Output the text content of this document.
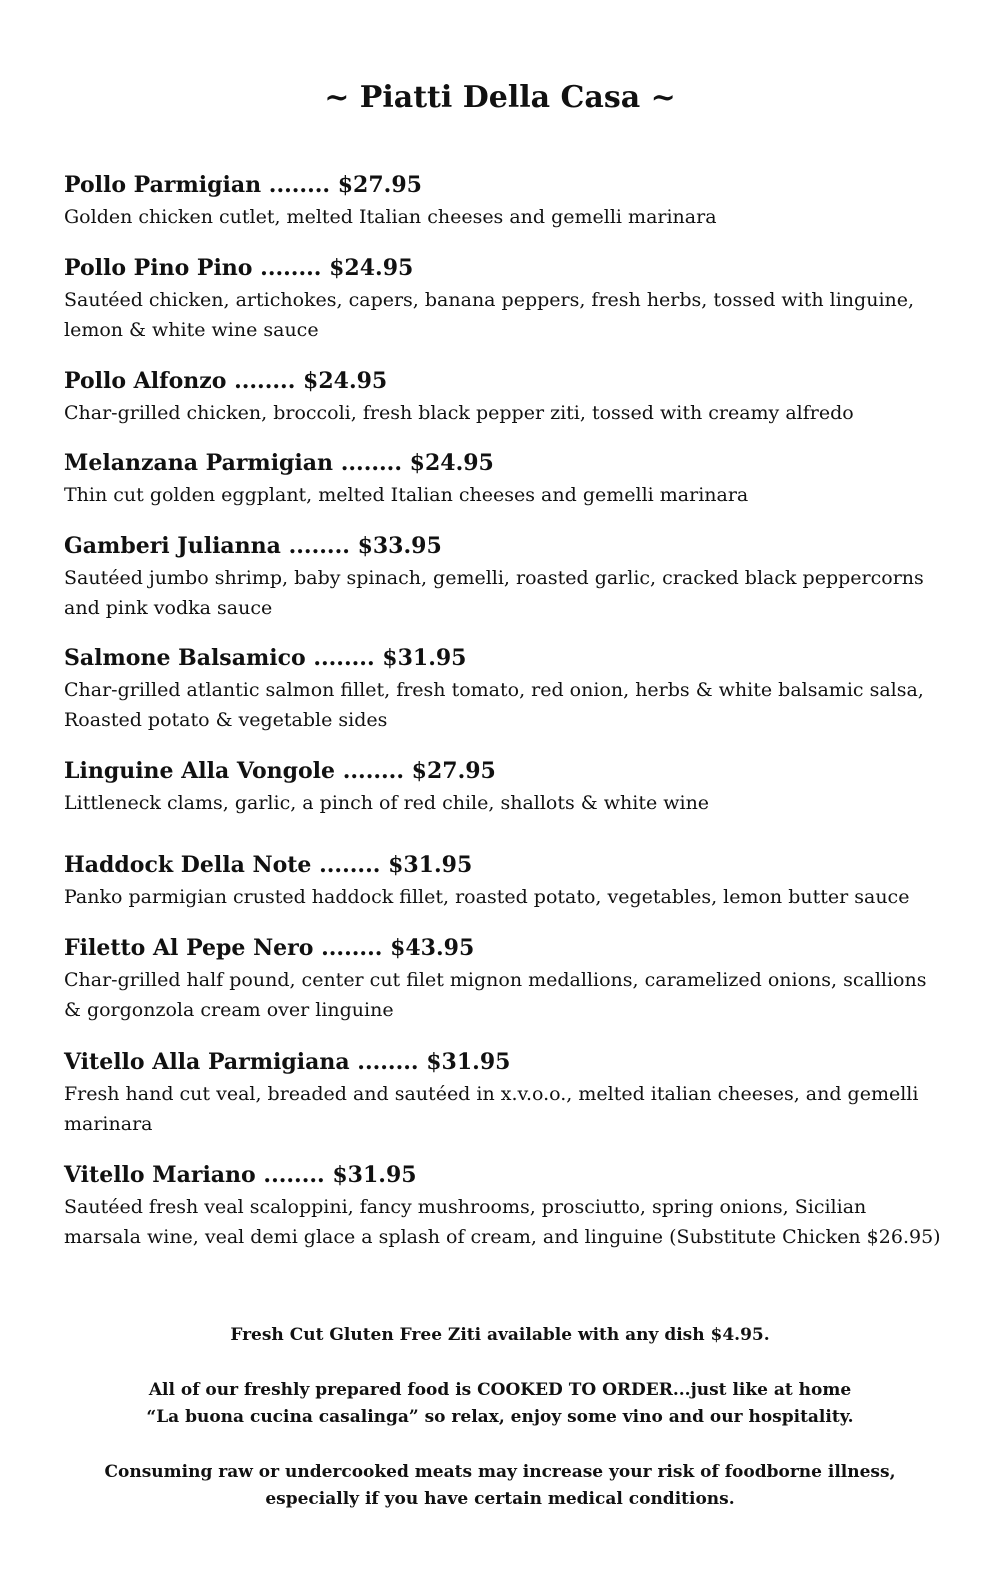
~ Piatti Della Casa ~
Pollo Parmigian ........ $27.95
Golden chicken cutlet, melted Italian cheeses and gemelli marinara
Pollo Pino Pino ........ $24.95
Sautéed chicken, artichokes, capers, banana peppers, fresh herbs, tossed with linguine, lemon & white wine sauce
Pollo Alfonzo ........ $24.95
Char-grilled chicken, broccoli, fresh black pepper ziti, tossed with creamy alfredo
Melanzana Parmigian ........ $24.95
Thin cut golden eggplant, melted Italian cheeses and gemelli marinara
Gamberi Julianna ........ $33.95
Sautéed jumbo shrimp, baby spinach, gemelli, roasted garlic, cracked black peppercorns and pink vodka sauce
Salmone Balsamico ........ $31.95
Char-grilled atlantic salmon fillet, fresh tomato, red onion, herbs & white balsamic salsa, Roasted potato & vegetable sides
Linguine Alla Vongole ........ $27.95
Littleneck clams, garlic, a pinch of red chile, shallots & white wine
Haddock Della Note ........ $31.95
Panko parmigian crusted haddock fillet, roasted potato, vegetables, lemon butter sauce
Filetto Al Pepe Nero ........ $43.95
Char-grilled half pound, center cut filet mignon medallions, caramelized onions, scallions & gorgonzola cream over linguine
Vitello Alla Parmigiana ........ $31.95
Fresh hand cut veal, breaded and sautéed in x.v.o.o., melted italian cheeses, and gemelli marinara
Vitello Mariano ........ $31.95
Sautéed fresh veal scaloppini, fancy mushrooms, prosciutto, spring onions, Sicilian marsala wine, veal demi glace a splash of cream, and linguine (Substitute Chicken $26.95)

Fresh Cut Gluten Free Ziti available with any dish $4.95.

All of our freshly prepared food is COOKED TO ORDER...just like at home
“La buona cucina casalinga” so relax, enjoy some vino and our hospitality.

Consuming raw or undercooked meats may increase your risk of foodborne illness,
especially if you have certain medical conditions.
